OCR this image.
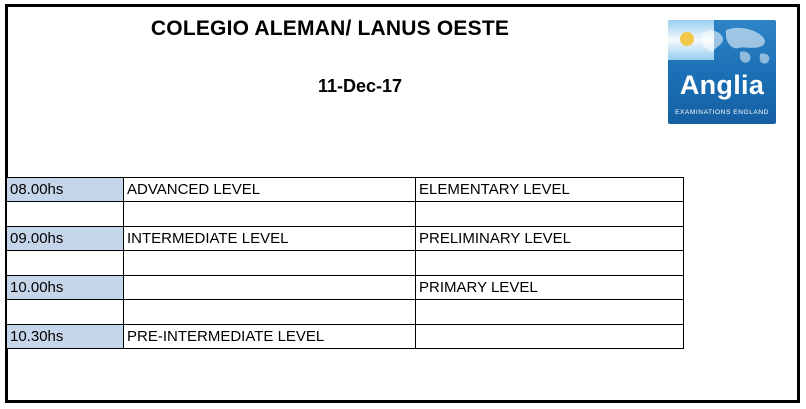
COLEGIO ALEMAN/ LANUS OESTE
11-Dec-17	Anglia
EXAMINATIONS ENGLAND
08.00hs	ADVANCED LEVEL	ELEMENTARY LEVEL

09.00hs	INTERMEDIATE LEVEL	PRELIMINARY LEVEL

10.00hs		PRIMARY LEVEL

10.30hs	PRE-INTERMEDIATE LEVEL	
